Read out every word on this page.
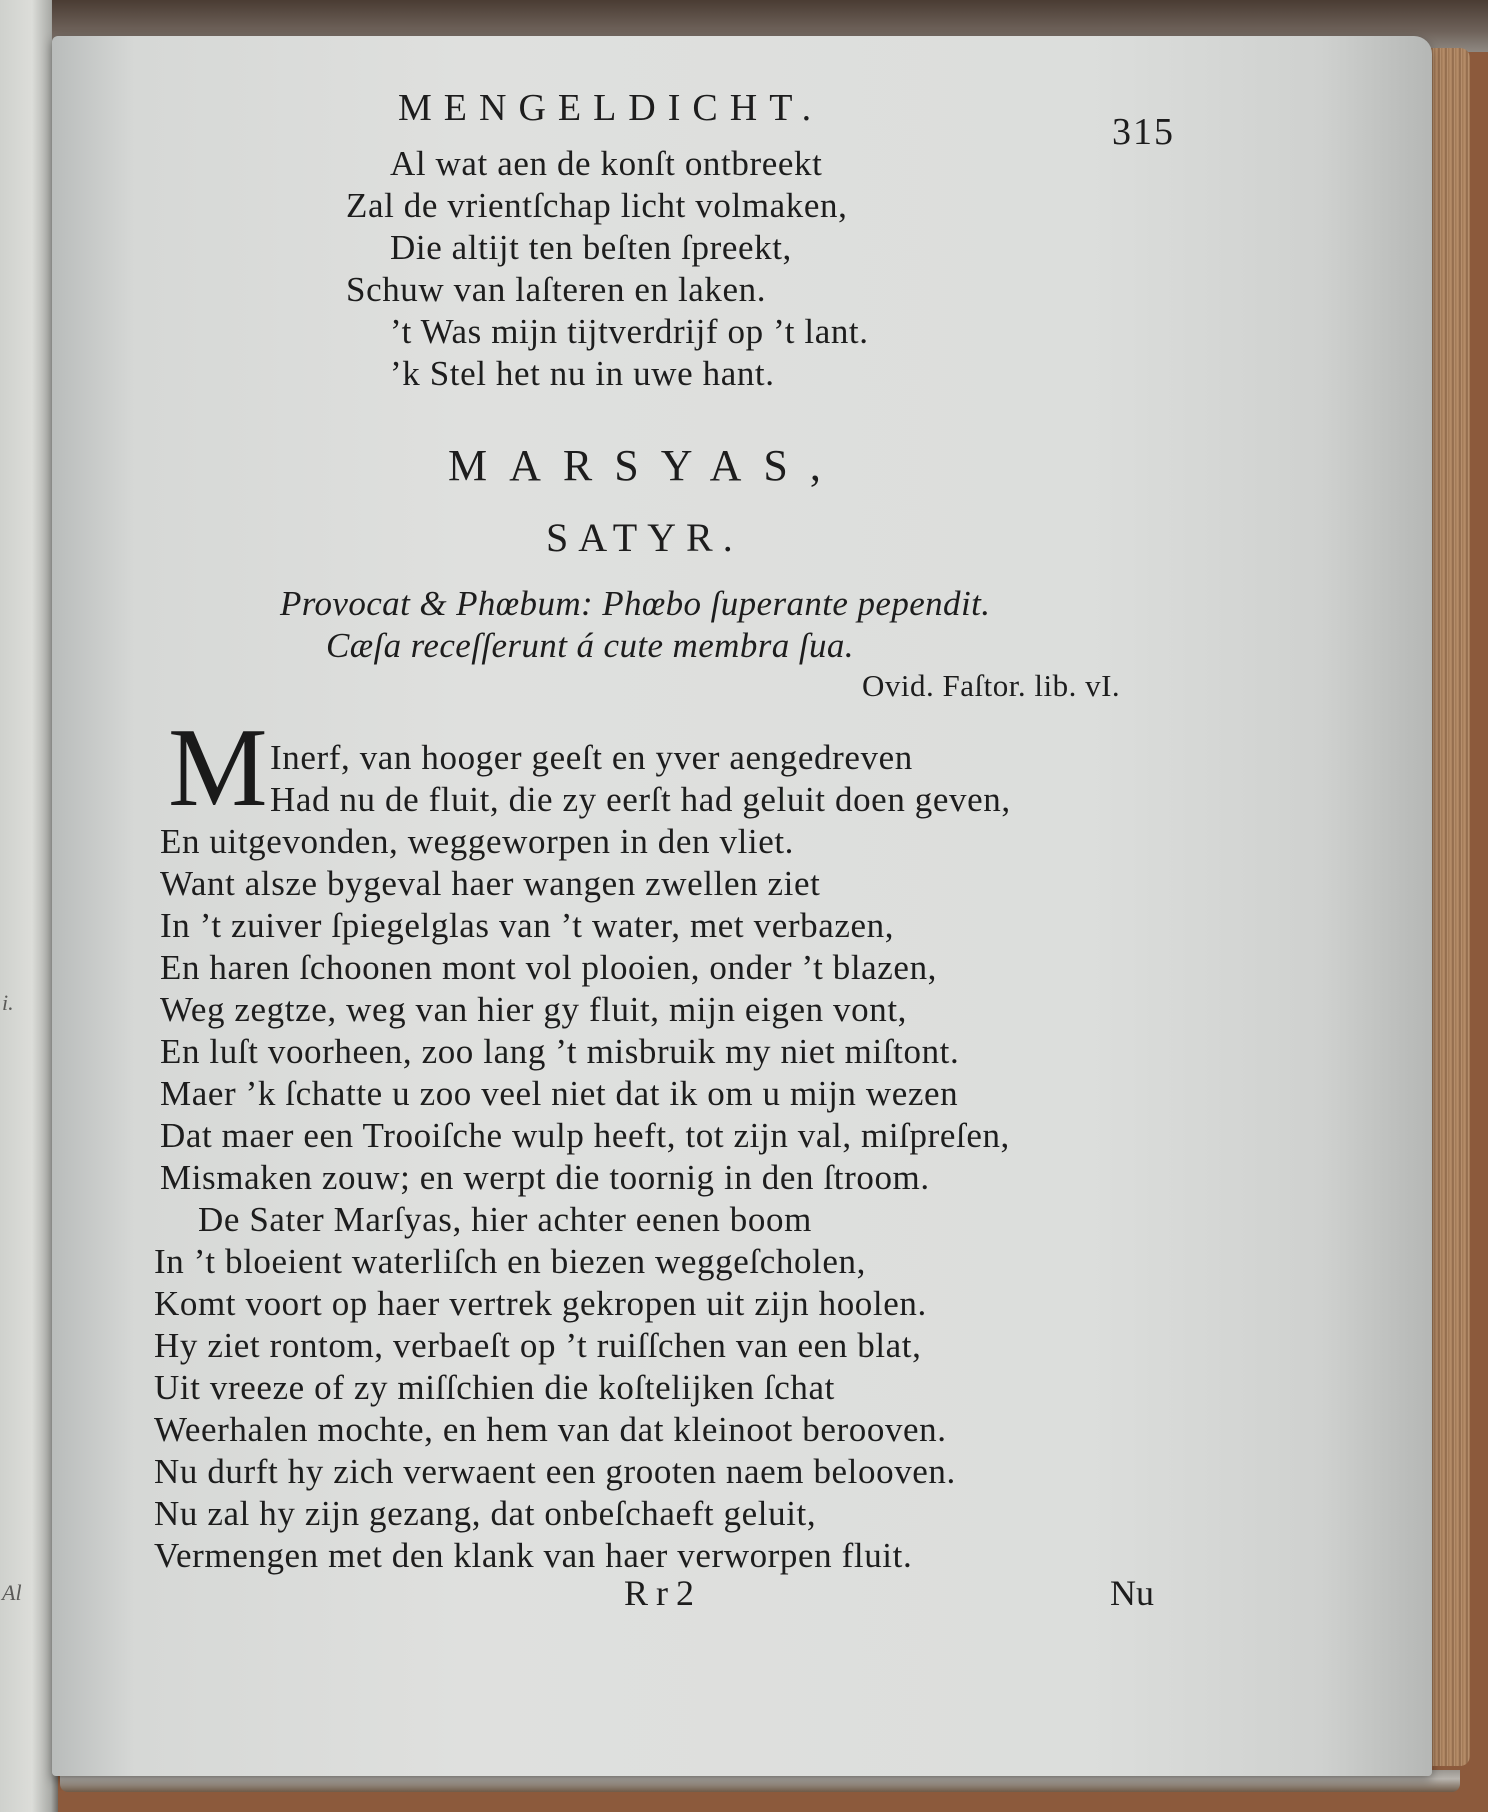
i.
Al
MENGELDICHT.
315
Al wat aen de konſt ontbreekt
Zal de vrientſchap licht volmaken,
Die altijt ten beſten ſpreekt,
Schuw van laſteren en laken.
’t Was mijn tijtverdrijf op ’t lant.
’k Stel het nu in uwe hant.
MARSYAS,
SATYR.
Provocat & Phœbum: Phœbo ſuperante pependit.
Cæſa receſſerunt á cute membra ſua.
Ovid. Faſtor. lib. vI.
M Inerf, van hooger geeſt en yver aengedreven
Had nu de fluit, die zy eerſt had geluit doen geven,
En uitgevonden, weggeworpen in den vliet.
Want alsze bygeval haer wangen zwellen ziet
In ’t zuiver ſpiegelglas van ’t water, met verbazen,
En haren ſchoonen mont vol plooien, onder ’t blazen,
Weg zegtze, weg van hier gy fluit, mijn eigen vont,
En luſt voorheen, zoo lang ’t misbruik my niet miſtont.
Maer ’k ſchatte u zoo veel niet dat ik om u mijn wezen
Dat maer een Trooiſche wulp heeft, tot zijn val, miſpreſen,
Mismaken zouw; en werpt die toornig in den ſtroom.
De Sater Marſyas, hier achter eenen boom
In ’t bloeient waterliſch en biezen weggeſcholen,
Komt voort op haer vertrek gekropen uit zijn hoolen.
Hy ziet rontom, verbaeſt op ’t ruiſſchen van een blat,
Uit vreeze of zy miſſchien die koſtelijken ſchat
Weerhalen mochte, en hem van dat kleinoot berooven.
Nu durft hy zich verwaent een grooten naem belooven.
Nu zal hy zijn gezang, dat onbeſchaeft geluit,
Vermengen met den klank van haer verworpen fluit.
Rr2	Nu
